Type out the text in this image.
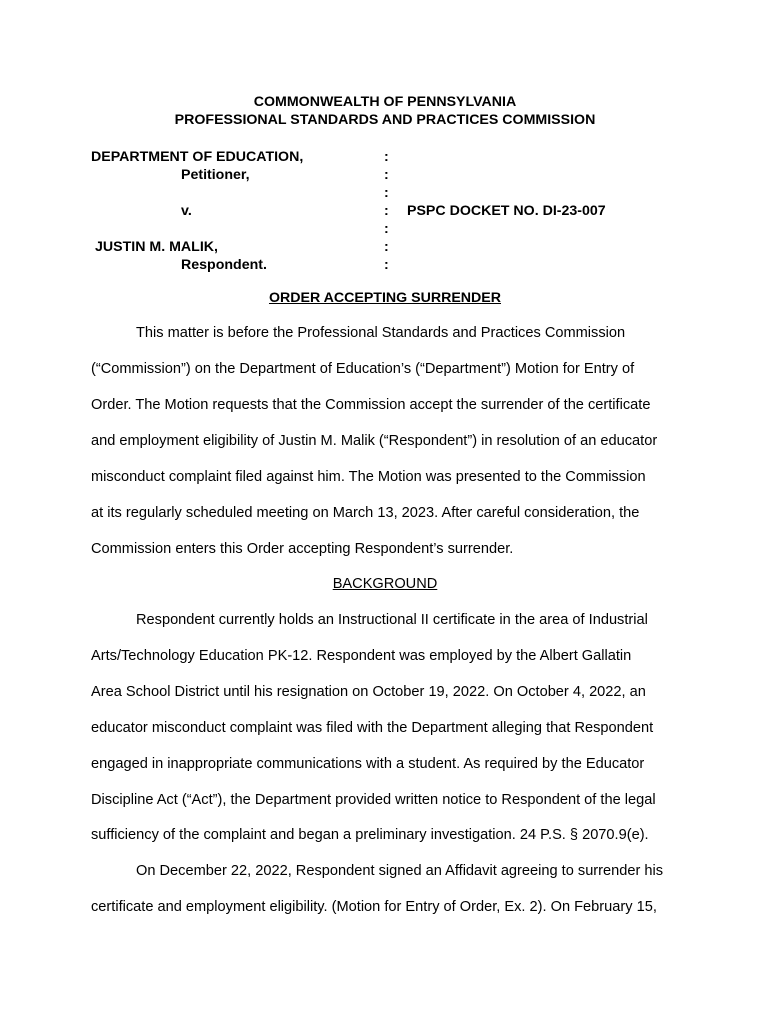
COMMONWEALTH OF PENNSYLVANIA
PROFESSIONAL STANDARDS AND PRACTICES COMMISSION
DEPARTMENT OF EDUCATION,
Petitioner,
v.
JUSTIN M. MALIK,
Respondent.
:
:
:
:
:
:
:
PSPC DOCKET NO. DI-23-007
ORDER ACCEPTING SURRENDER
This matter is before the Professional Standards and Practices Commission
(“Commission”) on the Department of Education’s (“Department”) Motion for Entry of
Order. The Motion requests that the Commission accept the surrender of the certificate
and employment eligibility of Justin M. Malik (“Respondent”) in resolution of an educator
misconduct complaint filed against him. The Motion was presented to the Commission
at its regularly scheduled meeting on March 13, 2023. After careful consideration, the
Commission enters this Order accepting Respondent’s surrender.
BACKGROUND
Respondent currently holds an Instructional II certificate in the area of Industrial
Arts/Technology Education PK-12. Respondent was employed by the Albert Gallatin
Area School District until his resignation on October 19, 2022. On October 4, 2022, an
educator misconduct complaint was filed with the Department alleging that Respondent
engaged in inappropriate communications with a student. As required by the Educator
Discipline Act (“Act”), the Department provided written notice to Respondent of the legal
sufficiency of the complaint and began a preliminary investigation. 24 P.S. § 2070.9(e).
On December 22, 2022, Respondent signed an Affidavit agreeing to surrender his
certificate and employment eligibility. (Motion for Entry of Order, Ex. 2). On February 15,
